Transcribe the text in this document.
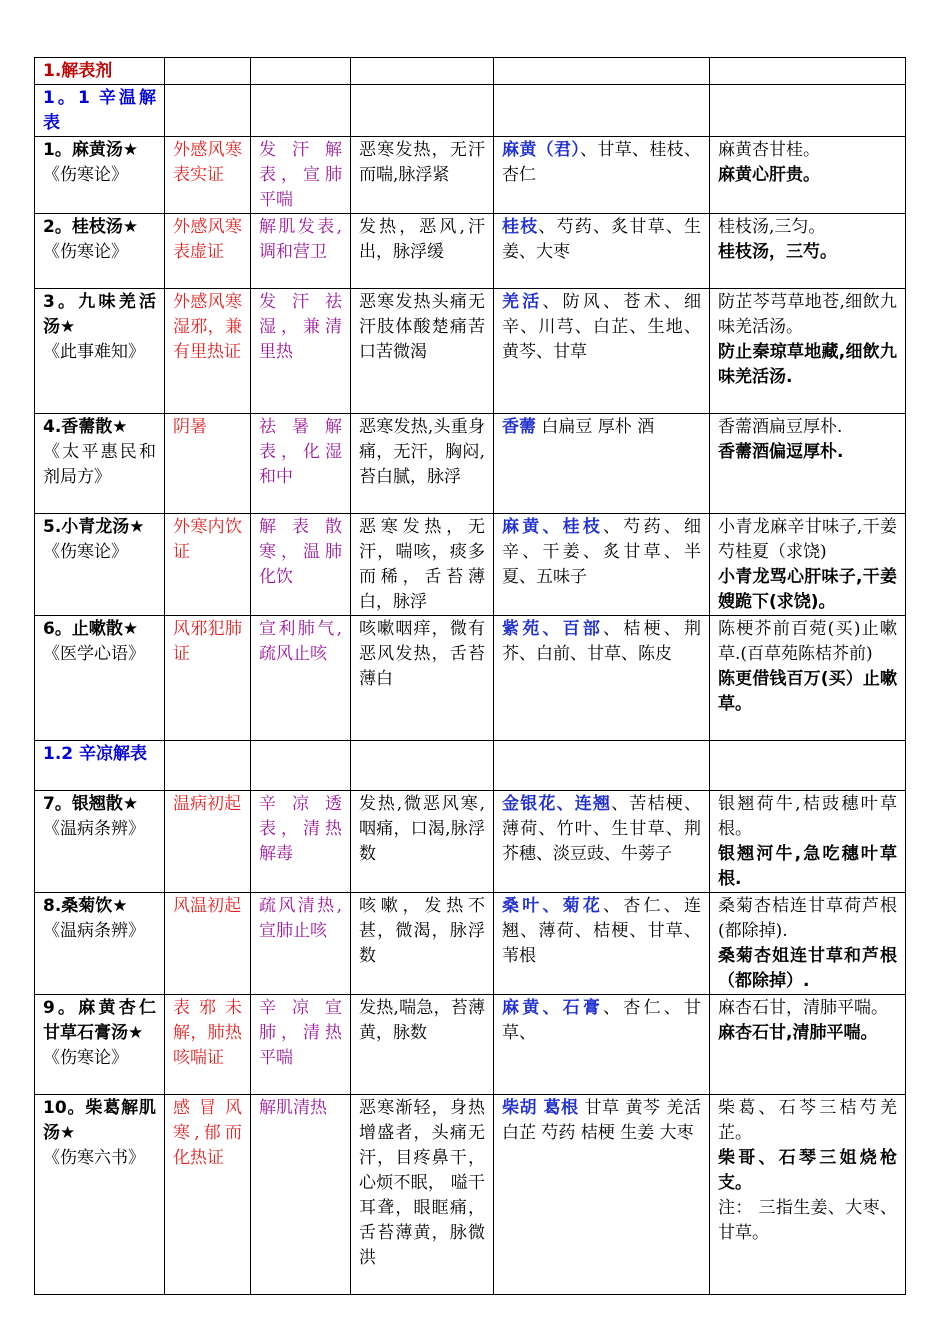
1.解表剂					
1。1 辛温解表					

1。麻黄汤★
《伤寒论》	外感风寒表实证	发汗解表，宣肺平喘	恶寒发热，无汗而喘,脉浮紧	麻黄（君）、甘草、桂枝、杏仁	麻黄杏甘桂。
麻黄心肝贵。

2。桂枝汤★
《伤寒论》	外感风寒表虚证	解肌发表,调和营卫	发热，恶风,汗出，脉浮缓	桂枝、芍药、炙甘草、生姜、大枣	桂枝汤,三匀。
桂枝汤，三芍。

3。九味羌活汤★
《此事难知》	外感风寒湿邪，兼有里热证	发汗祛湿，兼清里热	恶寒发热头痛无汗肢体酸楚痛苦口苦微渴	羌活、防风、苍术、细辛、川芎、白芷、生地、黄芩、甘草	防芷芩芎草地苍,细飲九味羌活汤。
防止秦琼草地藏,细飲九味羌活汤.

4.香薷散★
《太平惠民和剂局方》	阴暑	祛暑解表，化湿和中	恶寒发热,头重身痛，无汗，胸闷,苔白腻，脉浮	香薷 白扁豆 厚朴 酒	香薷酒扁豆厚朴.
香薷酒偏逗厚朴.

5.小青龙汤★
《伤寒论》	外寒内饮证	解表散寒，温肺化饮	恶寒发热，无汗，喘咳，痰多而稀，舌苔薄白，脉浮	麻黄、桂枝、芍药、细辛、干姜、炙甘草、半夏、五味子	小青龙麻辛甘味子,干姜芍桂夏（求饶)
小青龙骂心肝味子,干姜嫂跪下(求饶)。

6。止嗽散★
《医学心语》	风邪犯肺证	宣利肺气,疏风止咳	咳嗽咽痒，微有恶风发热，舌苔薄白	紫苑、百部、桔梗、荆芥、白前、甘草、陈皮	陈梗芥前百菀(买)止嗽草.(百草苑陈桔芥前)
陈更借钱百万(买）止嗽草。

1.2 辛凉解表					

7。银翘散★
《温病条辨》	温病初起	辛凉透表，清热解毒	发热,微恶风寒,咽痛，口渴,脉浮数	金银花、连翘、苦桔梗、薄荷、竹叶、生甘草、荆芥穗、淡豆豉、牛蒡子	银翘荷牛,桔豉穗叶草根。
银翘河牛,急吃穗叶草根.

8.桑菊饮★
《温病条辨》	风温初起	疏风清热,宣肺止咳	咳嗽，发热不甚，微渴，脉浮数	桑叶、菊花、杏仁、连翘、薄荷、桔梗、甘草、苇根	桑菊杏桔连甘草荷芦根(都除掉).
桑菊杏姐连甘草和芦根（都除掉）.

9。麻黄杏仁甘草石膏汤★
《伤寒论》	表邪未解，肺热咳喘证	辛凉宣肺，清热平喘	发热,喘急，苔薄黄，脉数	麻黄、石膏、杏仁、甘草、	麻杏石甘，清肺平喘。
麻杏石甘,清肺平喘。

10。柴葛解肌汤★
《伤寒六书》	感冒风寒,郁而化热证	解肌清热	恶寒渐轻，身热增盛者，头痛无汗，目疼鼻干，心烦不眠， 嗌干耳聋，眼眶痛，舌苔薄黄，脉微洪	柴胡 葛根 甘草 黄芩 羌活 白芷 芍药 桔梗 生姜 大枣	柴葛、石芩三桔芍羌芷。
柴哥、石琴三姐烧枪支。
注： 三指生姜、大枣、甘草。
